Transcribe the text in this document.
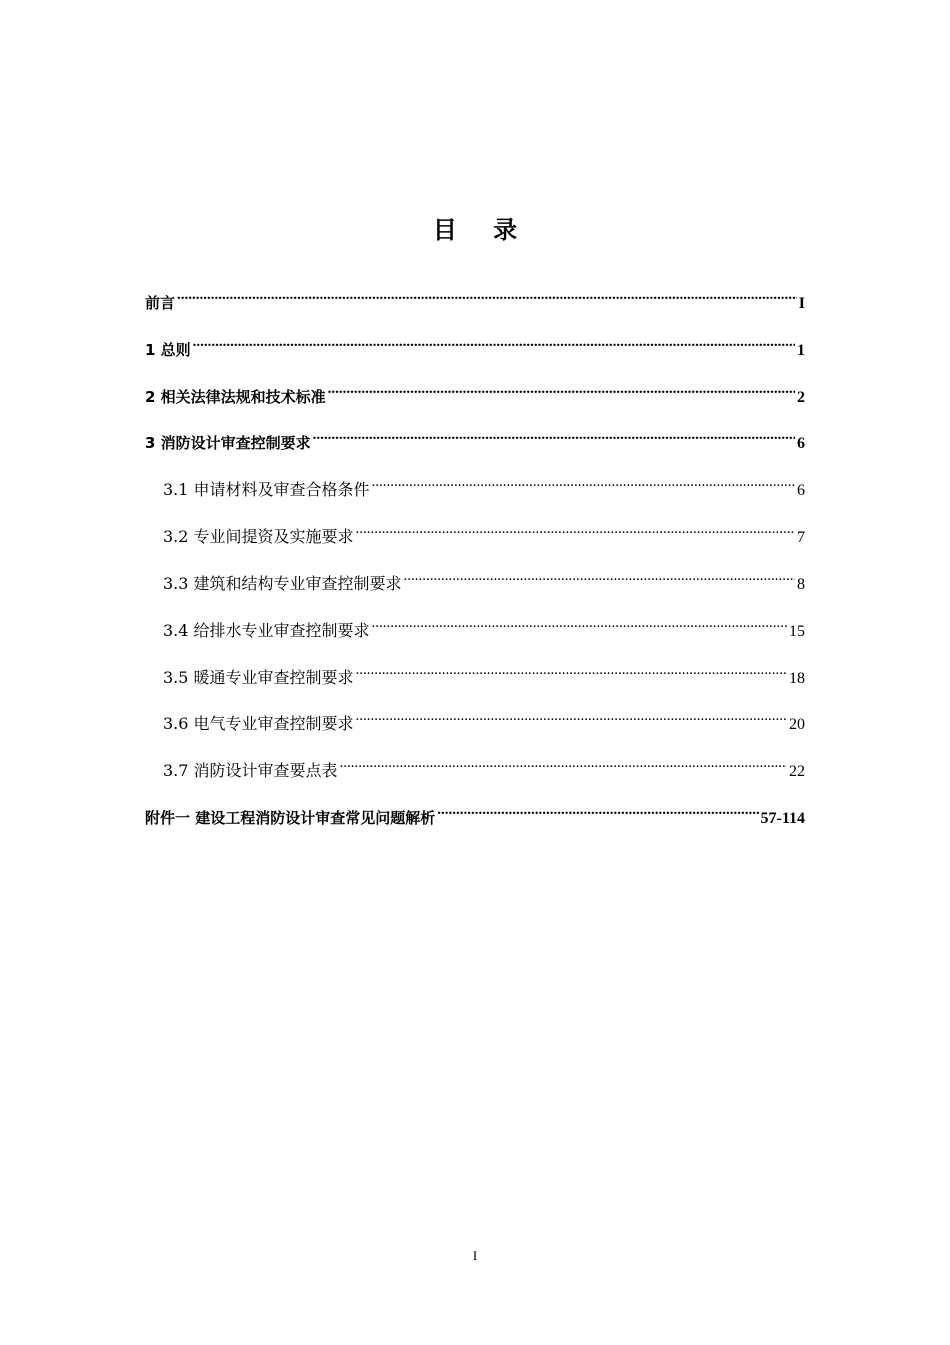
目 录
前言 .....	I
1 总则 .....	1
2 相关法律法规和技术标准 .....	2
3 消防设计审查控制要求 .....	6
3.1 申请材料及审查合格条件 .....	6
3.2 专业间提资及实施要求 .....	7
3.3 建筑和结构专业审查控制要求 .....	8
3.4 给排水专业审查控制要求 .....	15
3.5 暖通专业审查控制要求 .....	18
3.6 电气专业审查控制要求 .....	20
3.7 消防设计审查要点表 .....	22
附件一 建设工程消防设计审查常见问题解析 .....	57-114
I
